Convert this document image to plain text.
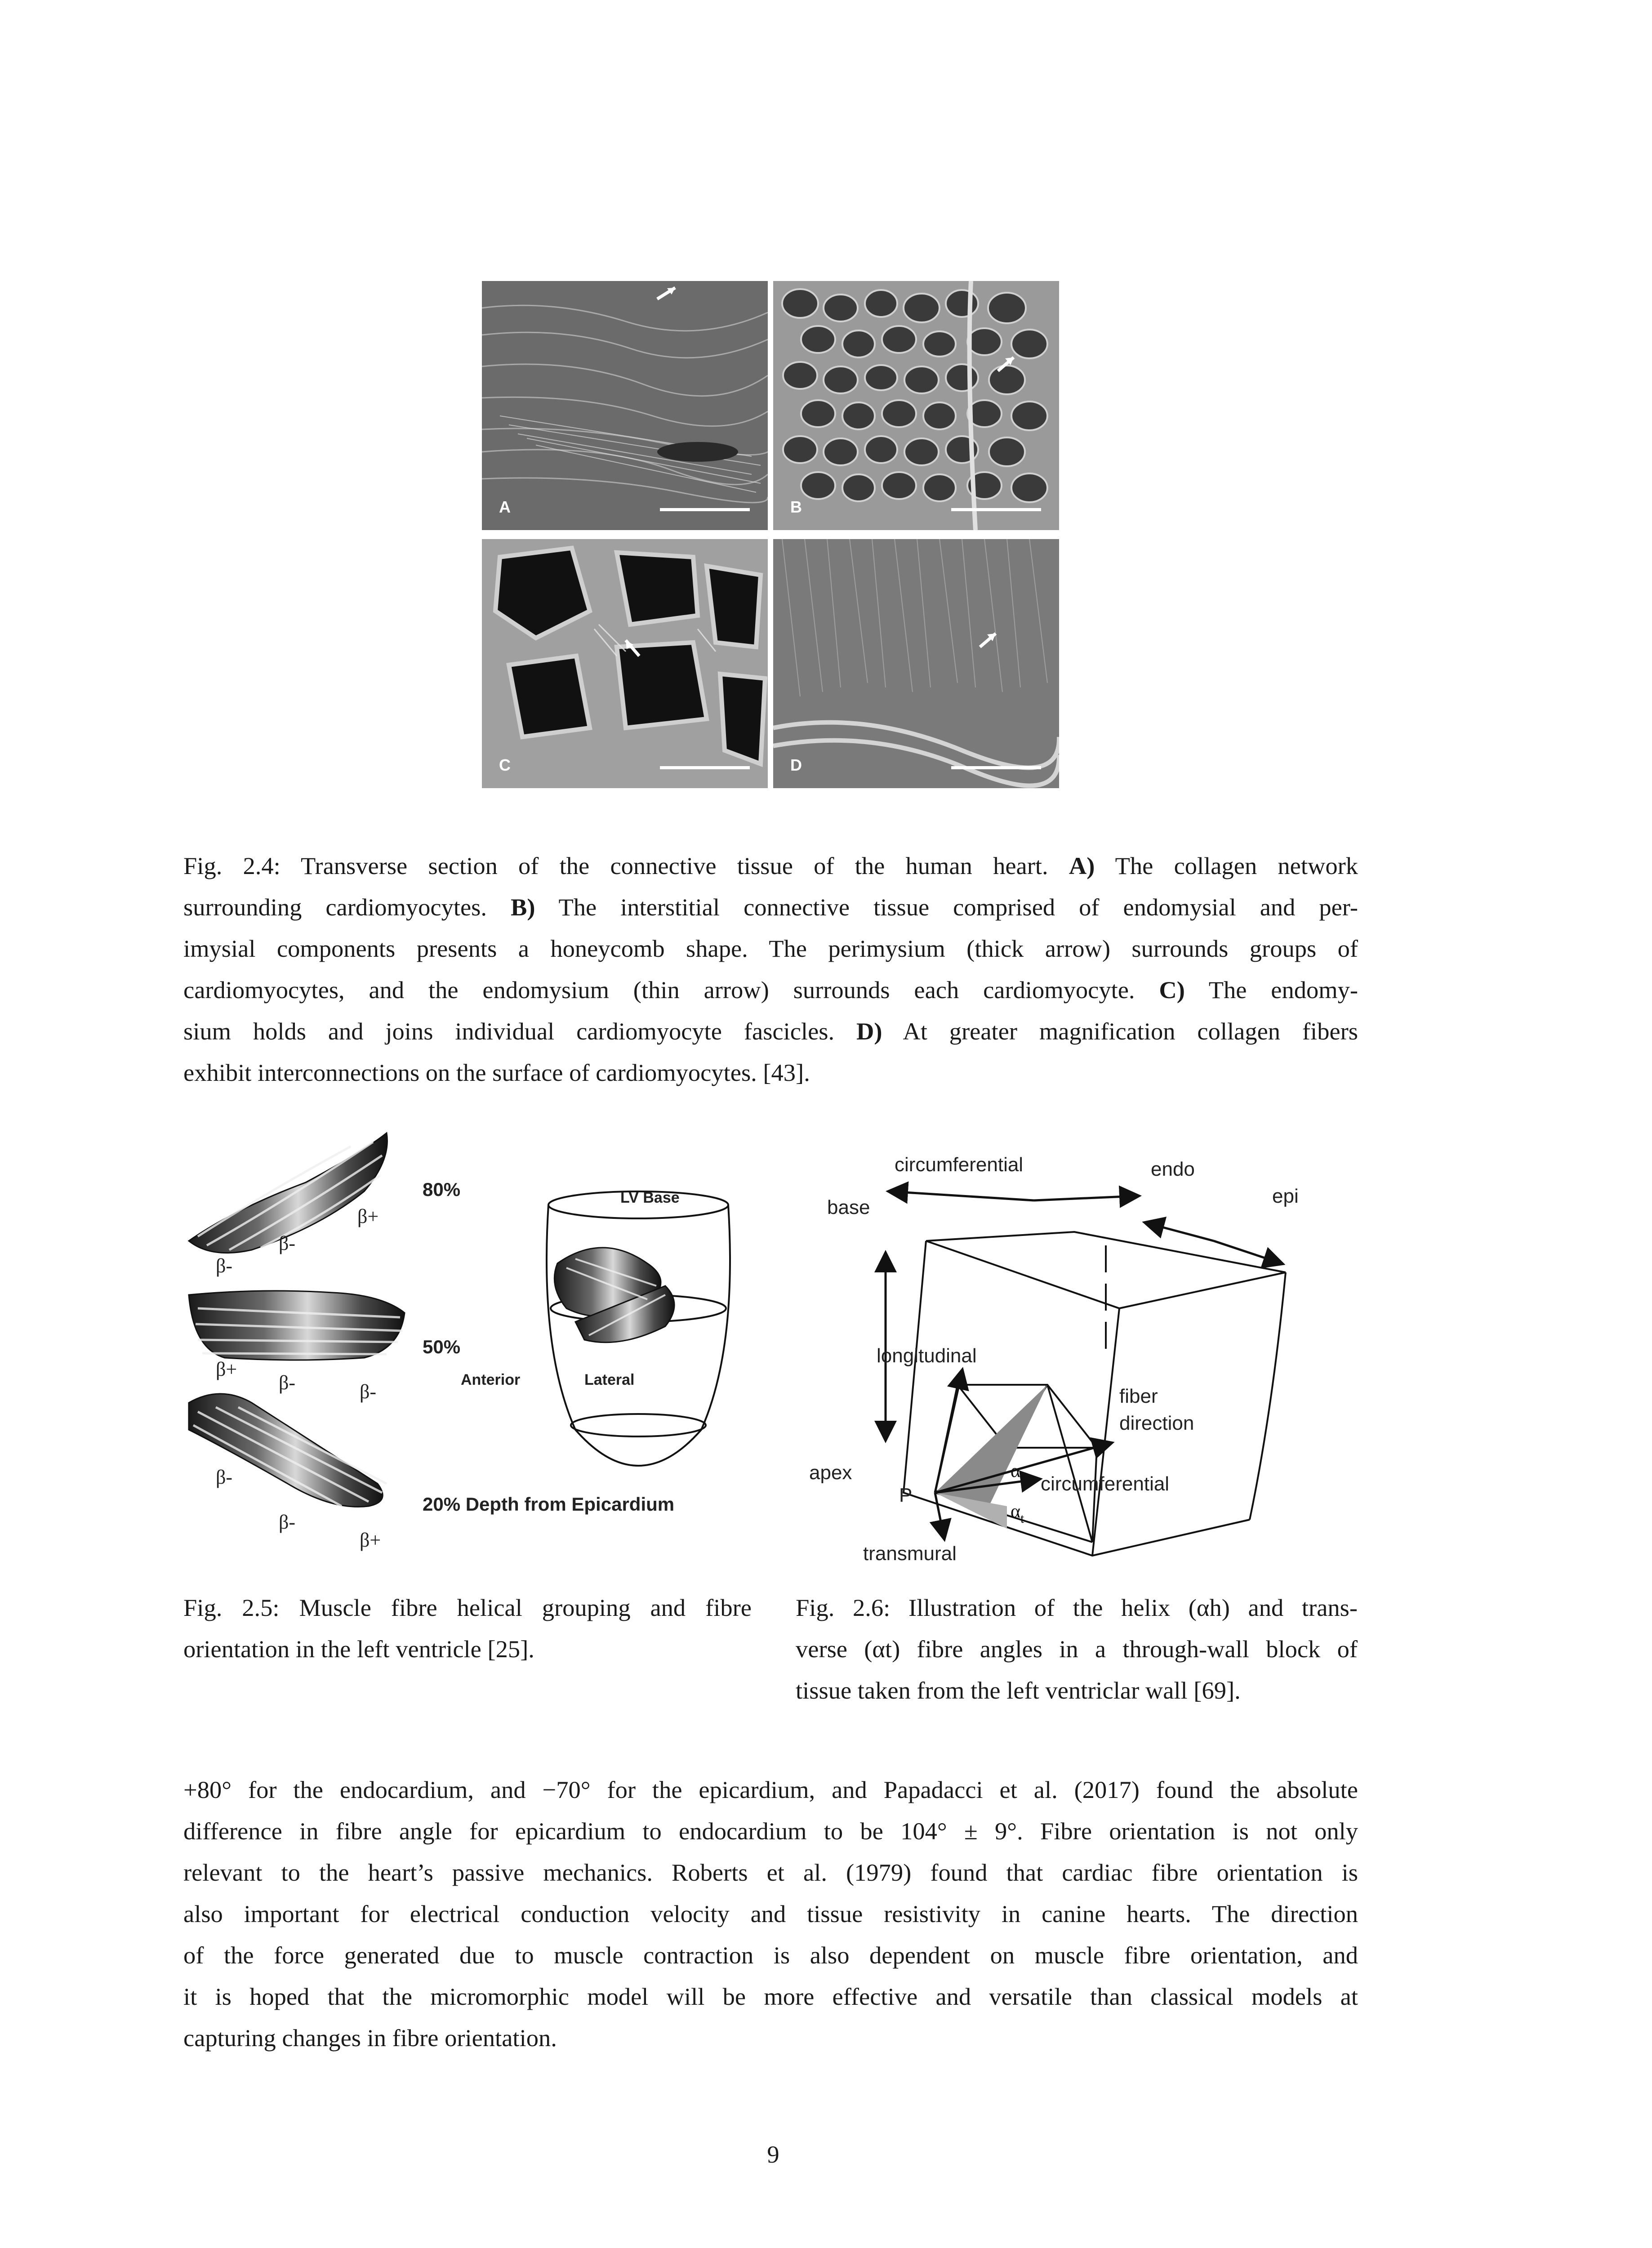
A	B
C	D
Fig. 2.4: Transverse section of the connective tissue of the human heart. A) The collagen network
surrounding cardiomyocytes. B) The interstitial connective tissue comprised of endomysial and per-
imysial components presents a honeycomb shape. The perimysium (thick arrow) surrounds groups of
cardiomyocytes, and the endomysium (thin arrow) surrounds each cardiomyocyte. C) The endomy-
sium holds and joins individual cardiomyocyte fascicles. D) At greater magnification collagen fibers
exhibit interconnections on the surface of cardiomyocytes. [43].
80%
50%
20% Depth from Epicardium
LV Base
Anterior	Lateral
β+
β-
β-
β+
β-	β-
β-
β-
β+
circumferential	endo
epi
base
apex
longitudinal
fiber
direction
circumferential
P
transmural
$\alpha_h$
$\alpha_t$
Fig. 2.5: Muscle fibre helical grouping and fibre
orientation in the left ventricle [25].
Fig. 2.6: Illustration of the helix (αh) and trans-
verse (αt) fibre angles in a through-wall block of
tissue taken from the left ventriclar wall [69].
+80° for the endocardium, and −70° for the epicardium, and Papadacci et al. (2017) found the absolute
difference in fibre angle for epicardium to endocardium to be 104° ± 9°. Fibre orientation is not only
relevant to the heart’s passive mechanics. Roberts et al. (1979) found that cardiac fibre orientation is
also important for electrical conduction velocity and tissue resistivity in canine hearts. The direction
of the force generated due to muscle contraction is also dependent on muscle fibre orientation, and
it is hoped that the micromorphic model will be more effective and versatile than classical models at
capturing changes in fibre orientation.
9
